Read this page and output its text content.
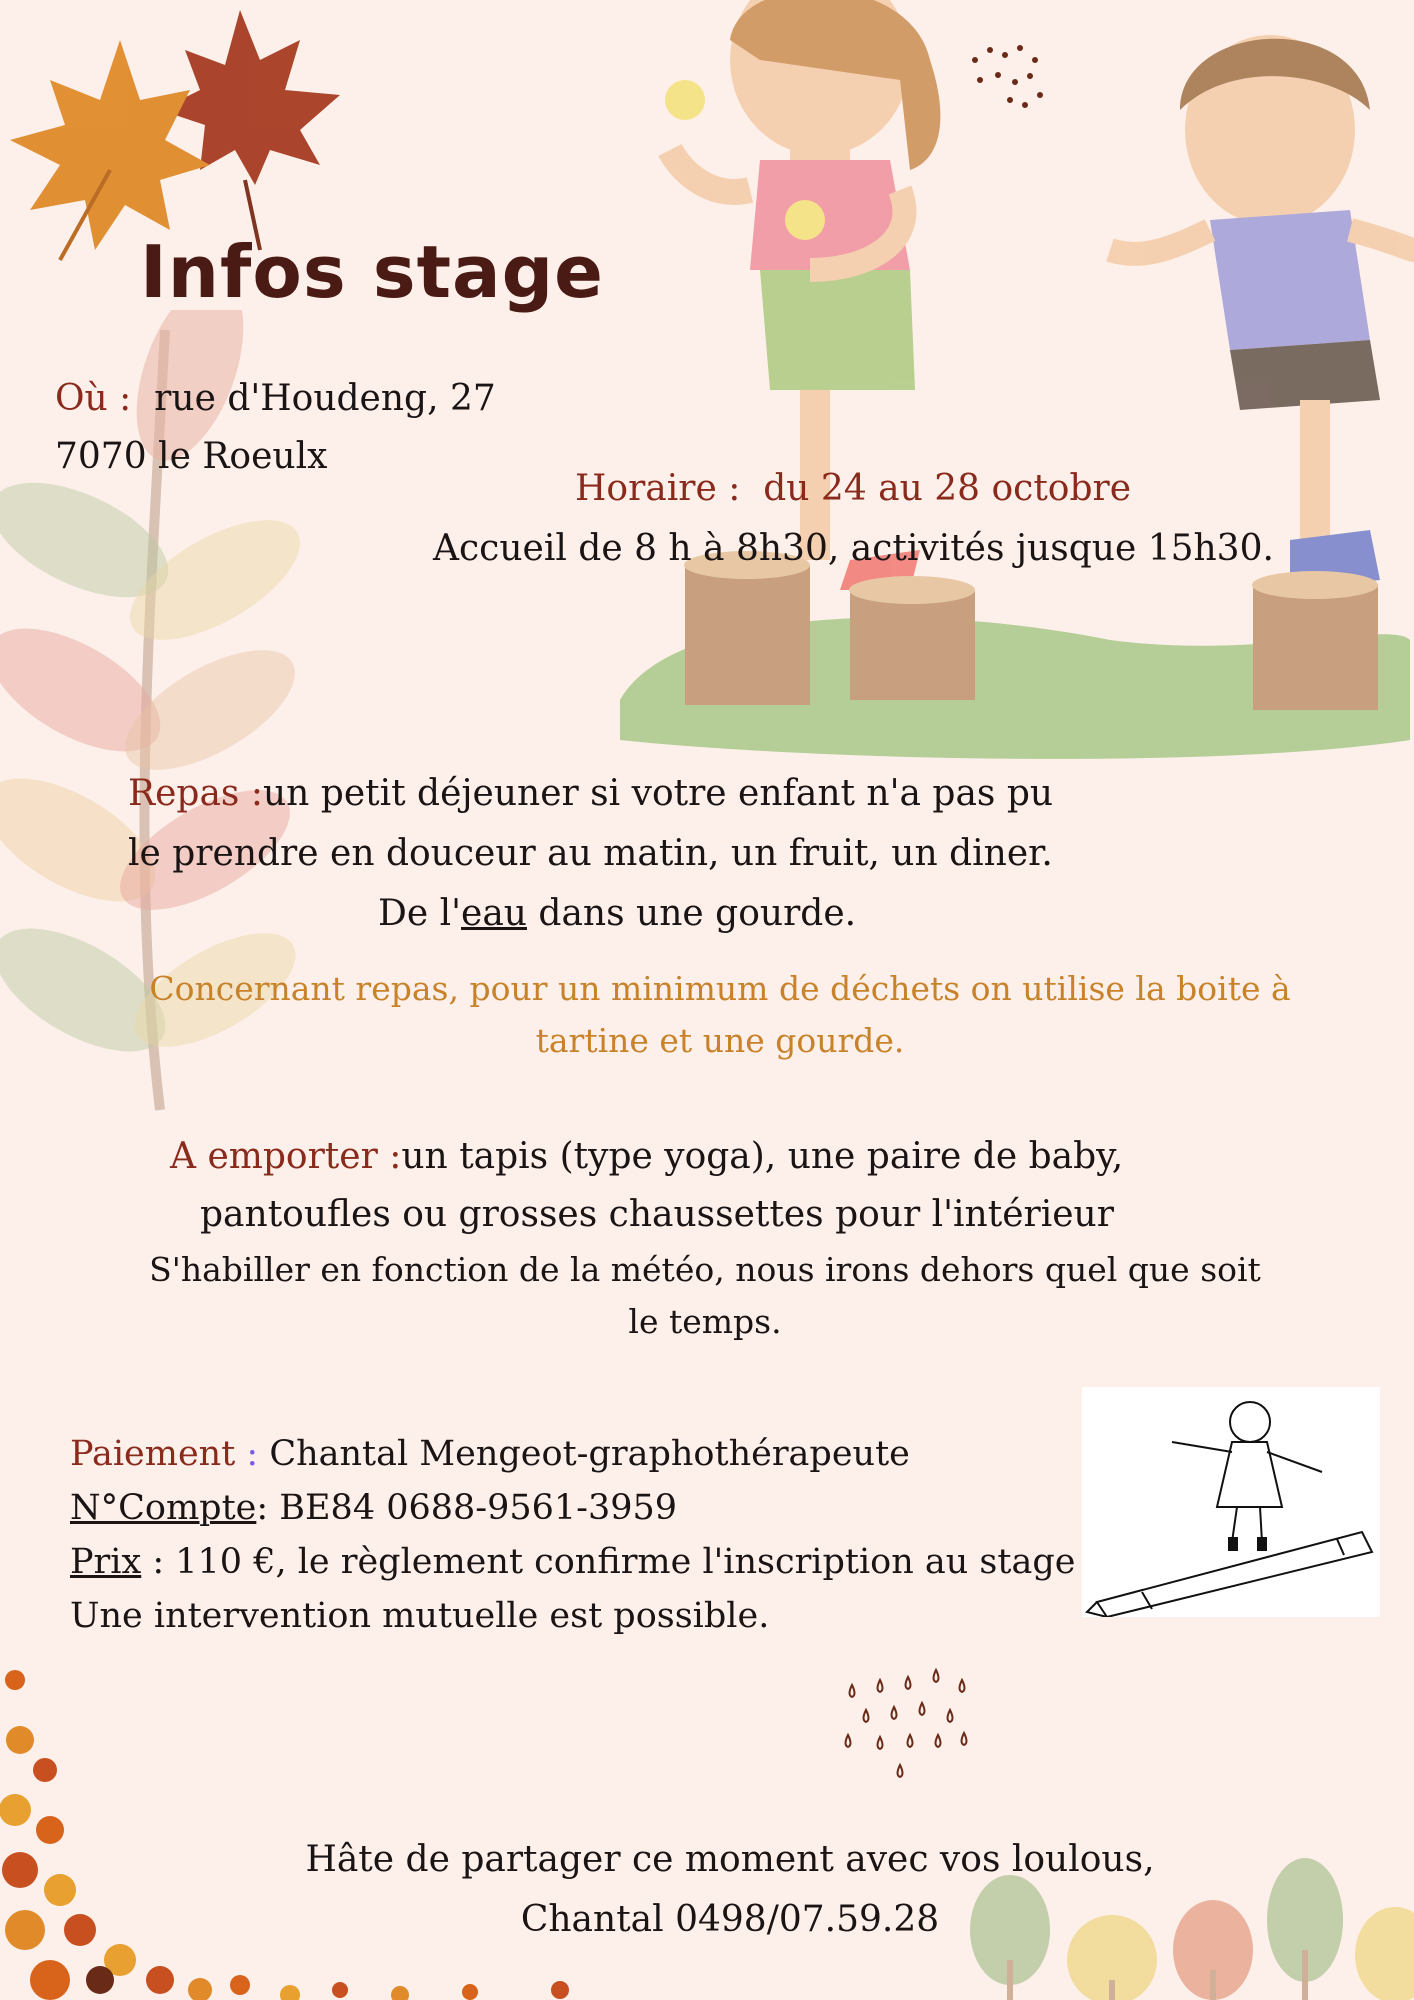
Infos stage
Où : rue d'Houdeng, 27
7070 le Roeulx
Horaire : du 24 au 28 octobre
Accueil de 8 h à 8h30, activités jusque 15h30.
Repas :un petit déjeuner si votre enfant n'a pas pu
le prendre en douceur au matin, un fruit, un diner.
De l'eau dans une gourde.
Concernant repas, pour un minimum de déchets on utilise la boite à
tartine et une gourde.
A emporter :un tapis (type yoga), une paire de baby,
pantoufles ou grosses chaussettes pour l'intérieur
S'habiller en fonction de la météo, nous irons dehors quel que soit
le temps.
Paiement : Chantal Mengeot-graphothérapeute
N°Compte: BE84 0688-9561-3959
Prix : 110 €, le règlement confirme l'inscription au stage
Une intervention mutuelle est possible.
Hâte de partager ce moment avec vos loulous,
Chantal 0498/07.59.28
